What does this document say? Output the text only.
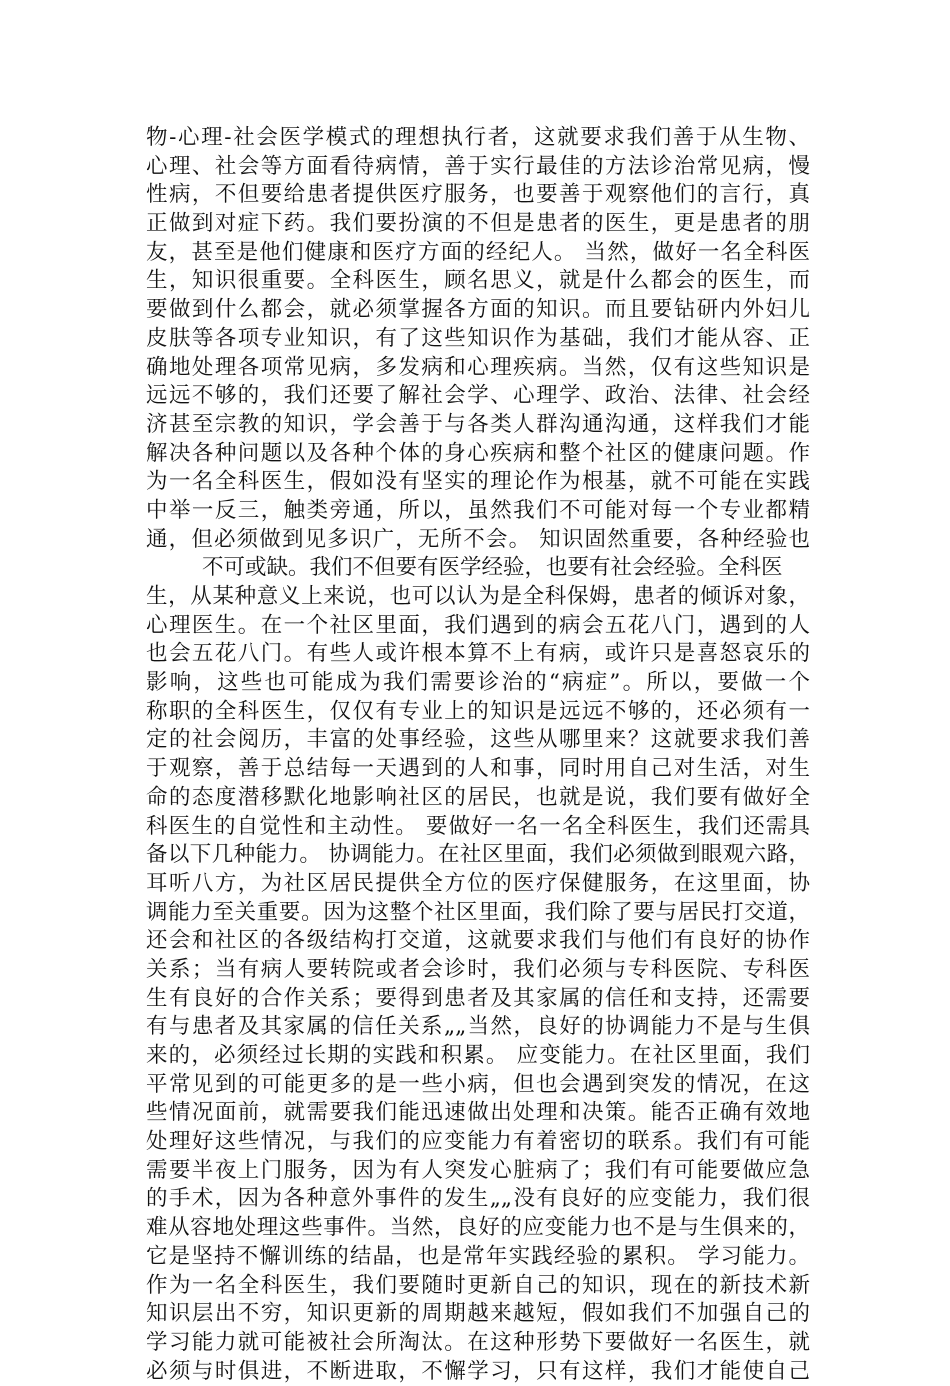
物-心理-社会医学模式的理想执行者，这就要求我们善于从生物、
心理、社会等方面看待病情，善于实行最佳的方法诊治常见病，慢
性病，不但要给患者提供医疗服务，也要善于观察他们的言行，真
正做到对症下药。我们要扮演的不但是患者的医生，更是患者的朋
友，甚至是他们健康和医疗方面的经纪人。 当然，做好一名全科医
生，知识很重要。全科医生，顾名思义，就是什么都会的医生，而
要做到什么都会，就必须掌握各方面的知识。而且要钻研内外妇儿
皮肤等各项专业知识，有了这些知识作为基础，我们才能从容、正
确地处理各项常见病，多发病和心理疾病。当然，仅有这些知识是
远远不够的，我们还要了解社会学、心理学、政治、法律、社会经
济甚至宗教的知识，学会善于与各类人群沟通沟通，这样我们才能
解决各种问题以及各种个体的身心疾病和整个社区的健康问题。作
为一名全科医生，假如没有坚实的理论作为根基，就不可能在实践
中举一反三，触类旁通，所以，虽然我们不可能对每一个专业都精
通，但必须做到见多识广，无所不会。 知识固然重要，各种经验也
不可或缺。我们不但要有医学经验，也要有社会经验。全科医
生，从某种意义上来说，也可以认为是全科保姆，患者的倾诉对象，
心理医生。在一个社区里面，我们遇到的病会五花八门，遇到的人
也会五花八门。有些人或许根本算不上有病，或许只是喜怒哀乐的
影响，这些也可能成为我们需要诊治的“病症”。所以，要做一个
称职的全科医生，仅仅有专业上的知识是远远不够的，还必须有一
定的社会阅历，丰富的处事经验，这些从哪里来？这就要求我们善
于观察，善于总结每一天遇到的人和事，同时用自己对生活，对生
命的态度潜移默化地影响社区的居民，也就是说，我们要有做好全
科医生的自觉性和主动性。 要做好一名一名全科医生，我们还需具
备以下几种能力。 协调能力。在社区里面，我们必须做到眼观六路，
耳听八方，为社区居民提供全方位的医疗保健服务，在这里面，协
调能力至关重要。因为这整个社区里面，我们除了要与居民打交道，
还会和社区的各级结构打交道，这就要求我们与他们有良好的协作
关系；当有病人要转院或者会诊时，我们必须与专科医院、专科医
生有良好的合作关系；要得到患者及其家属的信任和支持，还需要
有与患者及其家属的信任关系„„当然，良好的协调能力不是与生俱
来的，必须经过长期的实践和积累。 应变能力。在社区里面，我们
平常见到的可能更多的是一些小病，但也会遇到突发的情况，在这
些情况面前，就需要我们能迅速做出处理和决策。能否正确有效地
处理好这些情况，与我们的应变能力有着密切的联系。我们有可能
需要半夜上门服务，因为有人突发心脏病了；我们有可能要做应急
的手术，因为各种意外事件的发生„„没有良好的应变能力，我们很
难从容地处理这些事件。当然，良好的应变能力也不是与生俱来的，
它是坚持不懈训练的结晶，也是常年实践经验的累积。 学习能力。
作为一名全科医生，我们要随时更新自己的知识，现在的新技术新
知识层出不穷，知识更新的周期越来越短，假如我们不加强自己的
学习能力就可能被社会所淘汰。在这种形势下要做好一名医生，就
必须与时俱进，不断进取，不懈学习，只有这样，我们才能使自己
